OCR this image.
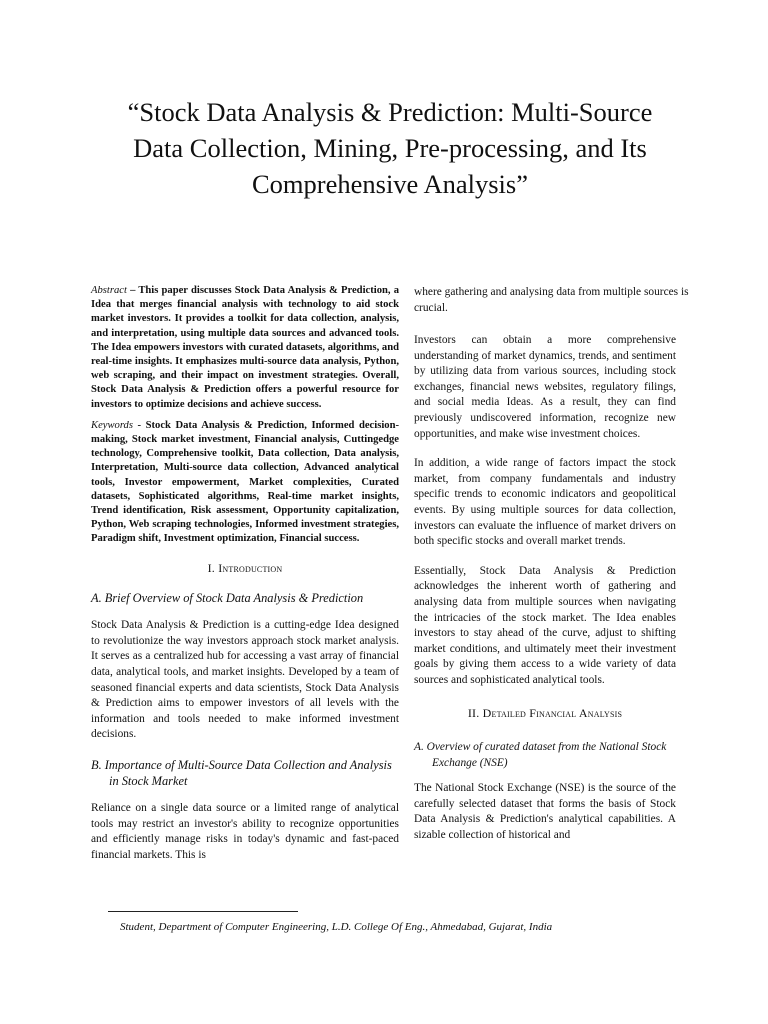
“Stock Data Analysis & Prediction: Multi-Source Data Collection, Mining, Pre-processing, and Its Comprehensive Analysis”

Abstract – This paper discusses Stock Data Analysis & Prediction, a Idea that merges financial analysis with technology to aid stock market investors. It provides a toolkit for data collection, analysis, and interpretation, using multiple data sources and advanced tools. The Idea empowers investors with curated datasets, algorithms, and real-time insights. It emphasizes multi-source data analysis, Python, web scraping, and their impact on investment strategies. Overall, Stock Data Analysis & Prediction offers a powerful resource for investors to optimize decisions and achieve success.

Keywords - Stock Data Analysis & Prediction, Informed decision-making, Stock market investment, Financial analysis, Cuttingedge technology, Comprehensive toolkit, Data collection, Data analysis, Interpretation, Multi-source data collection, Advanced analytical tools, Investor empowerment, Market complexities, Curated datasets, Sophisticated algorithms, Real-time market insights, Trend identification, Risk assessment, Opportunity capitalization, Python, Web scraping technologies, Informed investment strategies, Paradigm shift, Investment optimization, Financial success.

I. Introduction
A. Brief Overview of Stock Data Analysis & Prediction

Stock Data Analysis & Prediction is a cutting-edge Idea designed to revolutionize the way investors approach stock market analysis. It serves as a centralized hub for accessing a vast array of financial data, analytical tools, and market insights. Developed by a team of seasoned financial experts and data scientists, Stock Data Analysis & Prediction aims to empower investors of all levels with the information and tools needed to make informed investment decisions.

B. Importance of Multi-Source Data Collection and Analysis in Stock Market

Reliance on a single data source or a limited range of analytical tools may restrict an investor's ability to recognize opportunities and efficiently manage risks in today's dynamic and fast-paced financial markets. This is

where gathering and analysing data from multiple sources is crucial.

Investors can obtain a more comprehensive understanding of market dynamics, trends, and sentiment by utilizing data from various sources, including stock exchanges, financial news websites, regulatory filings, and social media Ideas. As a result, they can find previously undiscovered information, recognize new opportunities, and make wise investment choices.

In addition, a wide range of factors impact the stock market, from company fundamentals and industry specific trends to economic indicators and geopolitical events. By using multiple sources for data collection, investors can evaluate the influence of market drivers on both specific stocks and overall market trends.

Essentially, Stock Data Analysis & Prediction acknowledges the inherent worth of gathering and analysing data from multiple sources when navigating the intricacies of the stock market. The Idea enables investors to stay ahead of the curve, adjust to shifting market conditions, and ultimately meet their investment goals by giving them access to a wide variety of data sources and sophisticated analytical tools.

II. Detailed Financial Analysis
A. Overview of curated dataset from the National Stock Exchange (NSE)

The National Stock Exchange (NSE) is the source of the carefully selected dataset that forms the basis of Stock Data Analysis & Prediction's analytical capabilities. A sizable collection of historical and

Student, Department of Computer Engineering, L.D. College Of Eng., Ahmedabad, Gujarat, India
